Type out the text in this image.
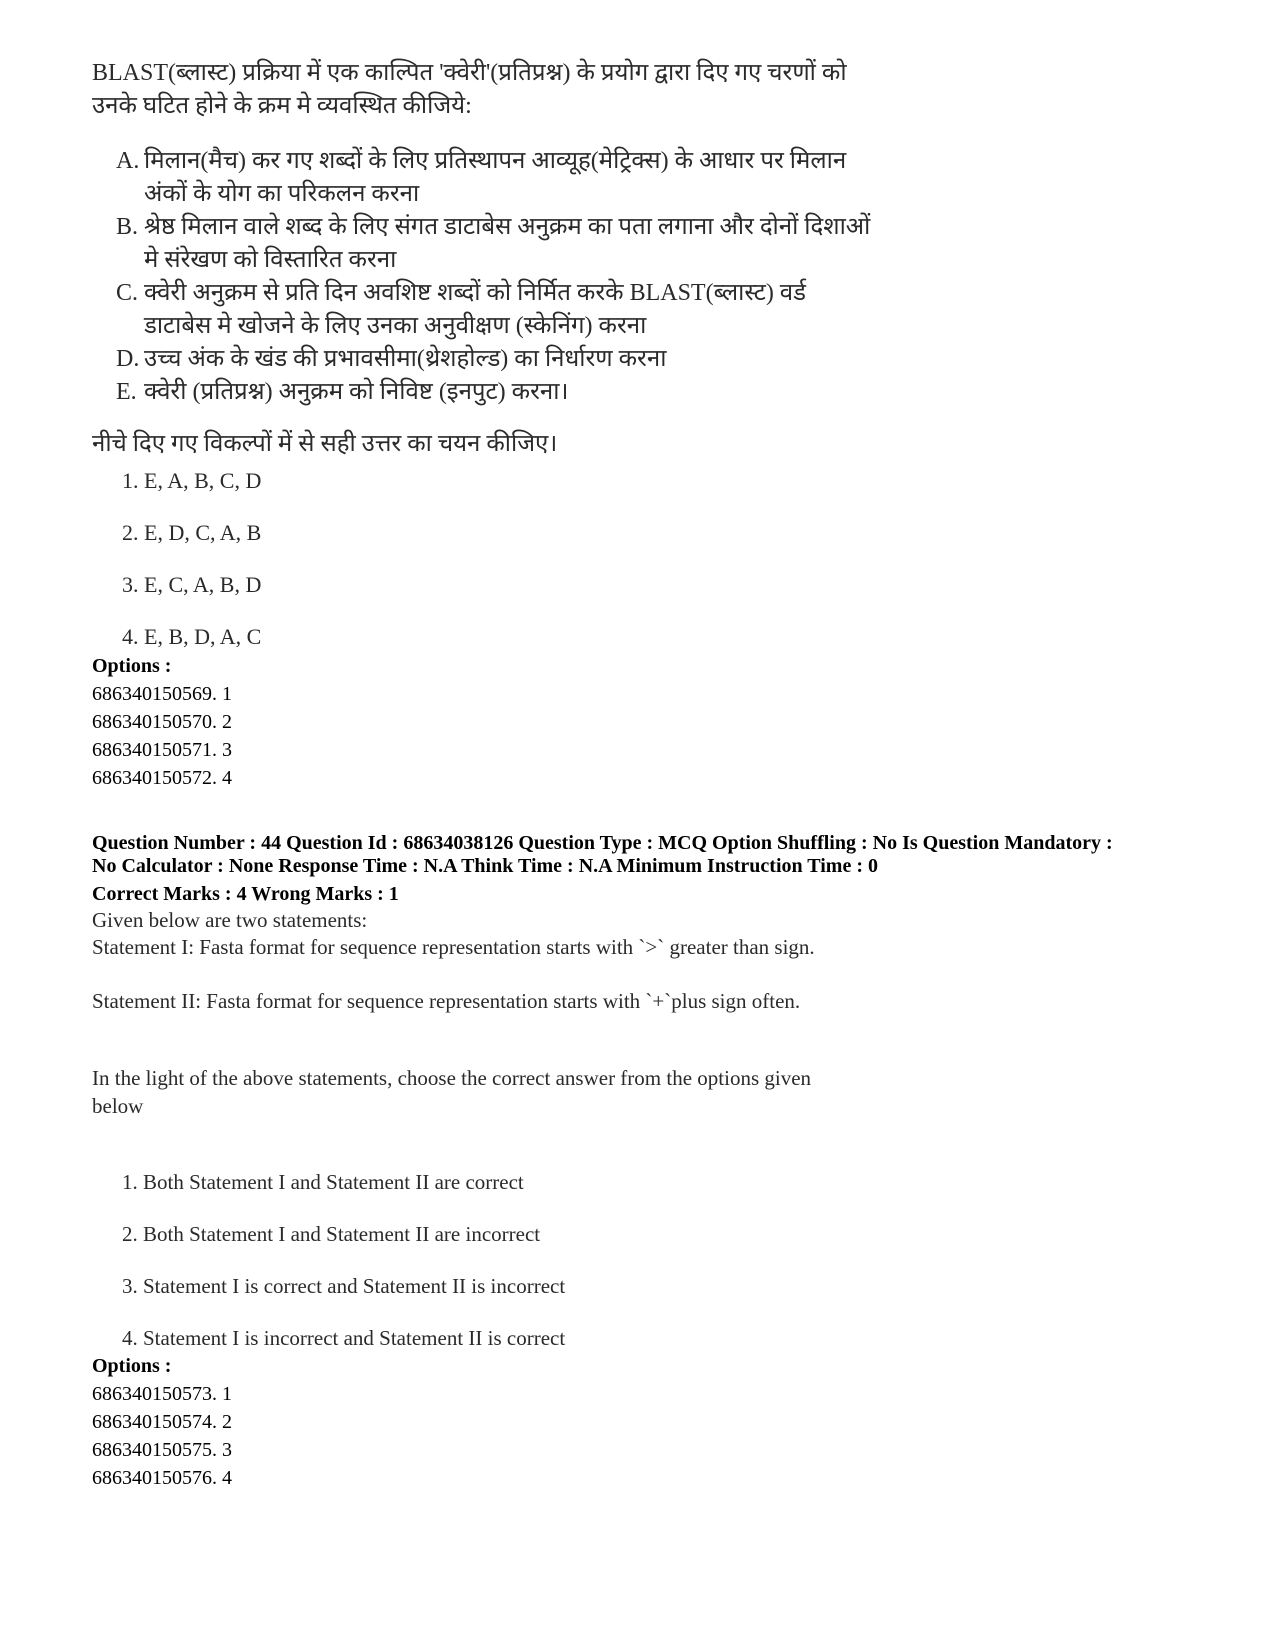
BLAST(ब्लास्ट) प्रक्रिया में एक काल्पित 'क्वेरी'(प्रतिप्रश्न) के प्रयोग द्वारा दिए गए चरणों को उनके घटित होने के क्रम मे व्यवस्थित कीजिये:
A. मिलान(मैच) कर गए शब्दों के लिए प्रतिस्थापन आव्यूह(मेट्रिक्स) के आधार पर मिलान अंकों के योग का परिकलन करना
B. श्रेष्ठ मिलान वाले शब्द के लिए संगत डाटाबेस अनुक्रम का पता लगाना और दोनों दिशाओं मे संरेखण को विस्तारित करना
C. क्वेरी अनुक्रम से प्रति दिन अवशिष्ट शब्दों को निर्मित करके BLAST(ब्लास्ट) वर्ड डाटाबेस मे खोजने के लिए उनका अनुवीक्षण (स्केनिंग) करना
D. उच्च अंक के खंड की प्रभावसीमा(थ्रेशहोल्ड) का निर्धारण करना
E. क्वेरी (प्रतिप्रश्न) अनुक्रम को निविष्ट (इनपुट) करना।
नीचे दिए गए विकल्पों में से सही उत्तर का चयन कीजिए।
1. E, A, B, C, D
2. E, D, C, A, B
3. E, C, A, B, D
4. E, B, D, A, C
Options :
686340150569. 1
686340150570. 2
686340150571. 3
686340150572. 4
Question Number : 44 Question Id : 68634038126 Question Type : MCQ Option Shuffling : No Is Question Mandatory :
No Calculator : None Response Time : N.A Think Time : N.A Minimum Instruction Time : 0
Correct Marks : 4 Wrong Marks : 1
Given below are two statements:
Statement I: Fasta format for sequence representation starts with `>` greater than sign.
Statement II: Fasta format for sequence representation starts with `+`plus sign often.
In the light of the above statements, choose the correct answer from the options given below
1. Both Statement I and Statement II are correct
2. Both Statement I and Statement II are incorrect
3. Statement I is correct and Statement II is incorrect
4. Statement I is incorrect and Statement II is correct
Options :
686340150573. 1
686340150574. 2
686340150575. 3
686340150576. 4
